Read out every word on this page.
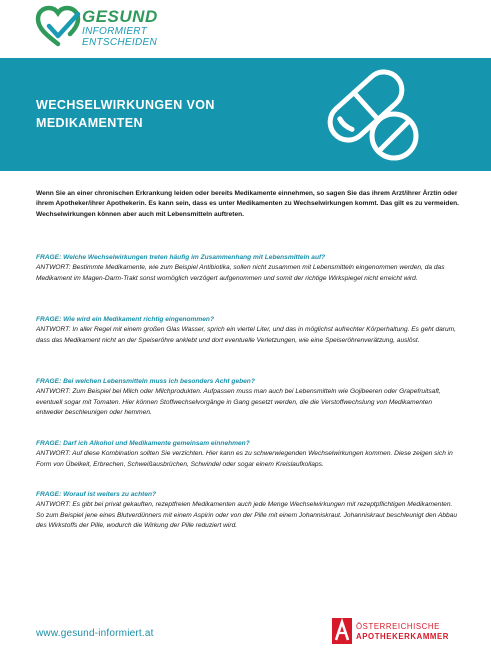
GESUND
INFORMIERT
ENTSCHEIDEN
WECHSELWIRKUNGEN VON MEDIKAMENTEN
Wenn Sie an einer chronischen Erkrankung leiden oder bereits Medikamente einnehmen, so sagen Sie das ihrem Arzt/ihrer Ärztin oder ihrem Apotheker/ihrer Apothekerin. Es kann sein, dass es unter Medikamenten zu Wechselwirkungen kommt. Das gilt es zu vermeiden. Wechselwirkungen können aber auch mit Lebensmitteln auftreten.
FRAGE: Welche Wechselwirkungen treten häufig im Zusammenhang mit Lebensmitteln auf?
ANTWORT: Bestimmte Medikamente, wie zum Beispiel Antibiotika, sollen nicht zusammen mit Lebensmitteln eingenommen werden, da das Medikament im Magen-Darm-Trakt sonst womöglich verzögert aufgenommen und somit der richtige Wirkspiegel nicht erreicht wird.
FRAGE: Wie wird ein Medikament richtig eingenommen?
ANTWORT: In aller Regel mit einem großen Glas Wasser, sprich ein viertel Liter, und das in möglichst aufrechter Körperhaltung. Es geht darum, dass das Medikament nicht an der Speiseröhre anklebt und dort eventuelle Verletzungen, wie eine Speiseröhrenverätzung, auslöst.
FRAGE: Bei welchen Lebensmitteln muss ich besonders Acht geben?
ANTWORT: Zum Beispiel bei Milch oder Milchprodukten. Aufpassen muss man auch bei Lebensmitteln wie Gojibeeren oder Grapefruitsaft, eventuell sogar mit Tomaten. Hier können Stoffwechselvorgänge in Gang gesetzt werden, die die Verstoffwechslung von Medikamenten entweder beschleunigen oder hemmen.
FRAGE: Darf ich Alkohol und Medikamente gemeinsam einnehmen?
ANTWORT: Auf diese Kombination sollten Sie verzichten. Hier kann es zu schwerwiegenden Wechselwirkungen kommen. Diese zeigen sich in Form von Übelkeit, Erbrechen, Schweißausbrüchen, Schwindel oder sogar einem Kreislaufkollaps.
FRAGE: Worauf ist weiters zu achten?
ANTWORT: Es gibt bei privat gekauften, rezeptfreien Medikamenten auch jede Menge Wechselwirkungen mit rezeptpflichtigen Medikamenten. So zum Beispiel jene eines Blutverdünners mit einem Aspirin oder von der Pille mit einem Johanniskraut. Johanniskraut beschleunigt den Abbau des Wirkstoffs der Pille, wodurch die Wirkung der Pille reduziert wird.
www.gesund-informiert.at
ÖSTERREICHISCHE
APOTHEKERKAMMER
